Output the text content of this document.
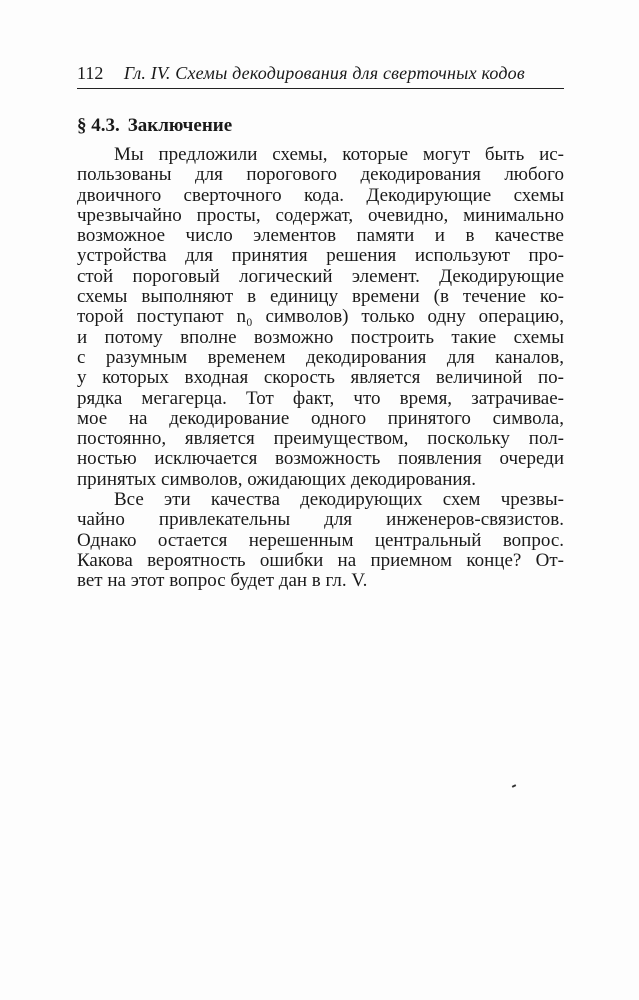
112 Гл. IV. Схемы декодирования для сверточных кодов
§ 4.3. Заключение
Мы предложили схемы, которые могут быть ис-
пользованы для порогового декодирования любого
двоичного сверточного кода. Декодирующие схемы
чрезвычайно просты, содержат, очевидно, минимально
возможное число элементов памяти и в качестве
устройства для принятия решения используют про-
стой пороговый логический элемент. Декодирующие
схемы выполняют в единицу времени (в течение ко-
торой поступают n₀ символов) только одну операцию,
и потому вполне возможно построить такие схемы
с разумным временем декодирования для каналов,
у которых входная скорость является величиной по-
рядка мегагерца. Тот факт, что время, затрачивае-
мое на декодирование одного принятого символа,
постоянно, является преимуществом, поскольку пол-
ностью исключается возможность появления очереди
принятых символов, ожидающих декодирования.
Все эти качества декодирующих схем чрезвы-
чайно привлекательны для инженеров-связистов.
Однако остается нерешенным центральный вопрос.
Какова вероятность ошибки на приемном конце? От-
вет на этот вопрос будет дан в гл. V.
